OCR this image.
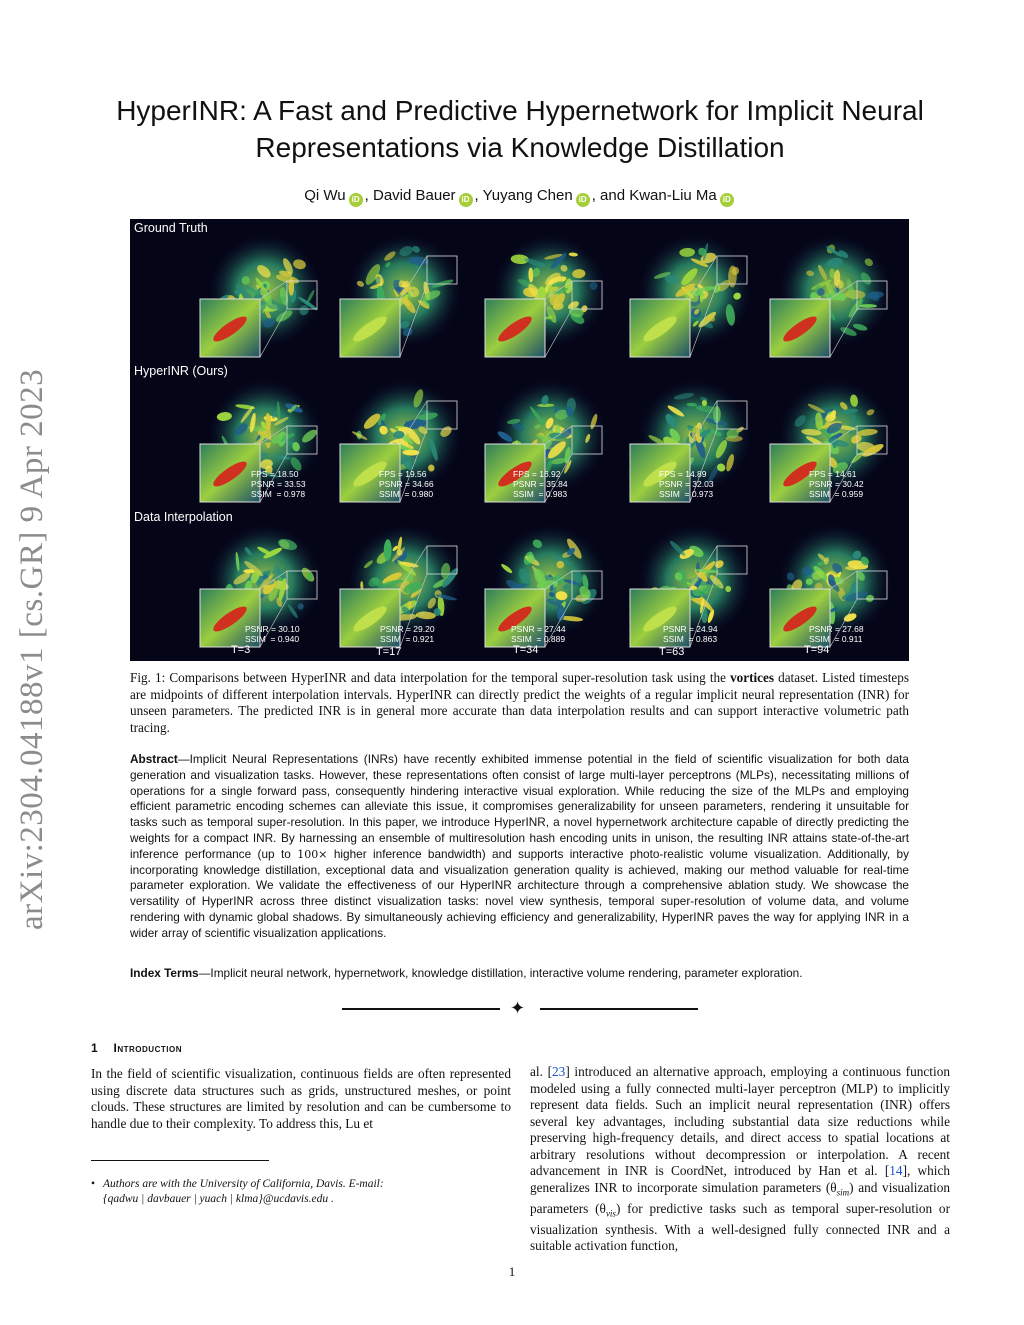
arXiv:2304.04188v1 [cs.GR] 9 Apr 2023
HyperINR: A Fast and Predictive Hypernetwork for Implicit Neural Representations via Knowledge Distillation
Qi Wu iD , David Bauer iD , Yuyang Chen iD , and Kwan-Liu Ma iD
Ground Truth
HyperINR (Ours)
Data Interpolation
FPS = 18.50
PSNR = 33.53
SSIM  = 0.978
FPS = 19.56
PSNR = 34.66
SSIM  = 0.980
FPS = 16.92
PSNR = 35.84
SSIM  = 0.983
FPS = 14.89
PSNR = 32.03
SSIM  = 0.973
FPS = 14.61
PSNR = 30.42
SSIM  = 0.959
PSNR = 30.10
SSIM  = 0.940
PSNR = 29.20
SSIM  = 0.921
PSNR = 27.44
SSIM  = 0.889
PSNR = 24.94
SSIM  = 0.863
PSNR = 27.68
SSIM  = 0.911
T=3	T=17	T=34	T=63	T=94
Fig. 1: Comparisons between HyperINR and data interpolation for the temporal super-resolution task using the vortices dataset. Listed timesteps are midpoints of different interpolation intervals. HyperINR can directly predict the weights of a regular implicit neural representation (INR) for unseen parameters. The predicted INR is in general more accurate than data interpolation results and can support interactive volumetric path tracing.
Abstract—Implicit Neural Representations (INRs) have recently exhibited immense potential in the field of scientific visualization for both data generation and visualization tasks. However, these representations often consist of large multi-layer perceptrons (MLPs), necessitating millions of operations for a single forward pass, consequently hindering interactive visual exploration. While reducing the size of the MLPs and employing efficient parametric encoding schemes can alleviate this issue, it compromises generalizability for unseen parameters, rendering it unsuitable for tasks such as temporal super-resolution. In this paper, we introduce HyperINR, a novel hypernetwork architecture capable of directly predicting the weights for a compact INR. By harnessing an ensemble of multiresolution hash encoding units in unison, the resulting INR attains state-of-the-art inference performance (up to 100× higher inference bandwidth) and supports interactive photo-realistic volume visualization. Additionally, by incorporating knowledge distillation, exceptional data and visualization generation quality is achieved, making our method valuable for real-time parameter exploration. We validate the effectiveness of our HyperINR architecture through a comprehensive ablation study. We showcase the versatility of HyperINR across three distinct visualization tasks: novel view synthesis, temporal super-resolution of volume data, and volume rendering with dynamic global shadows. By simultaneously achieving efficiency and generalizability, HyperINR paves the way for applying INR in a wider array of scientific visualization applications.
Index Terms—Implicit neural network, hypernetwork, knowledge distillation, interactive volume rendering, parameter exploration.
✦
1 Introduction
In the field of scientific visualization, continuous fields are often represented using discrete data structures such as grids, unstructured meshes, or point clouds. These structures are limited by resolution and can be cumbersome to handle due to their complexity. To address this, Lu et
al. [23] introduced an alternative approach, employing a continuous function modeled using a fully connected multi-layer perceptron (MLP) to implicitly represent data fields. Such an implicit neural representation (INR) offers several key advantages, including substantial data size reductions while preserving high-frequency details, and direct access to spatial locations at arbitrary resolutions without decompression or interpolation. A recent advancement in INR is CoordNet, introduced by Han et al. [14], which generalizes INR to incorporate simulation parameters $(\theta_{sim})$ and visualization parameters $(\theta_{vis})$ for predictive tasks such as temporal super-resolution or visualization synthesis. With a well-designed fully connected INR and a suitable activation function,
• Authors are with the University of California, Davis. E-mail:
{qadwu | davbauer | yuach | klma}@ucdavis.edu .
1
